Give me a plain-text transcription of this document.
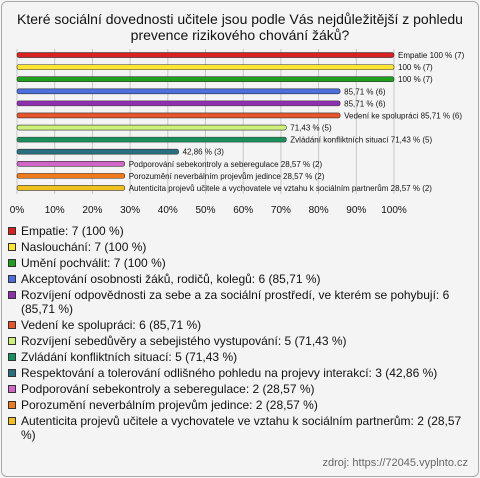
Které sociální dovednosti učitele jsou podle Vás nejdůležitější z pohledu prevence rizikového chování žáků?
0% 10% 20% 30% 40% 50% 60% 70% 80% 90% 100%
Empatie 100 % (7)
100 % (7)
100 % (7)
85,71 % (6)
85,71 % (6)
Vedení ke spolupráci 85,71 % (6)
71,43 % (5)
Zvládání konfliktních situací 71,43 % (5)
42,86 % (3)
Podporování sebekontroly a seberegulace 28,57 % (2)
Porozumění neverbálním projevům jedince 28,57 % (2)
Autenticita projevů učitele a vychovatele ve vztahu k sociálním partnerům 28,57 % (2)
Empatie: 7 (100 %)
Naslouchání: 7 (100 %)
Umění pochválit: 7 (100 %)
Akceptování osobnosti žáků, rodičů, kolegů: 6 (85,71 %)
Rozvíjení odpovědnosti za sebe a za sociální prostředí, ve kterém se pohybují: 6 (85,71 %)
Vedení ke spolupráci: 6 (85,71 %)
Rozvíjení sebedůvěry a sebejistého vystupování: 5 (71,43 %)
Zvládání konfliktních situací: 5 (71,43 %)
Respektování a tolerování odlišného pohledu na projevy interakcí: 3 (42,86 %)
Podporování sebekontroly a seberegulace: 2 (28,57 %)
Porozumění neverbálním projevům jedince: 2 (28,57 %)
Autenticita projevů učitele a vychovatele ve vztahu k sociálním partnerům: 2 (28,57 %)
zdroj: https://72045.vyplnto.cz
